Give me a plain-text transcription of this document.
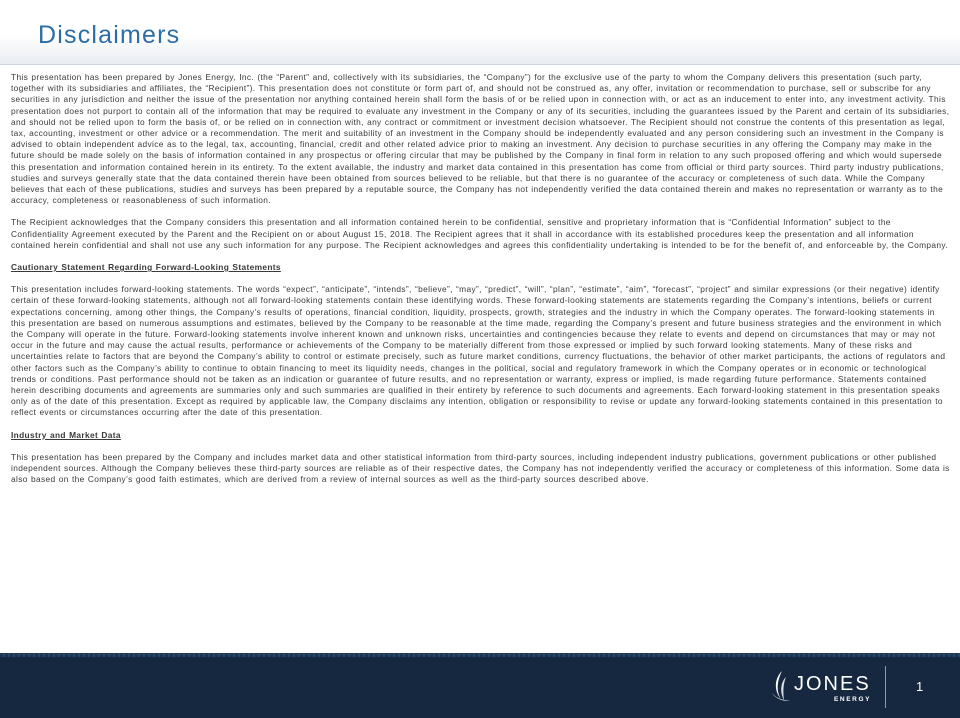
Disclaimers

This presentation has been prepared by Jones Energy, Inc. (the “Parent” and, collectively with its subsidiaries, the “Company”) for the exclusive use of the party to whom the Company delivers this presentation (such party, together with its subsidiaries and affiliates, the “Recipient”). This presentation does not constitute or form part of, and should not be construed as, any offer, invitation or recommendation to purchase, sell or subscribe for any securities in any jurisdiction and neither the issue of the presentation nor anything contained herein shall form the basis of or be relied upon in connection with, or act as an inducement to enter into, any investment activity. This presentation does not purport to contain all of the information that may be required to evaluate any investment in the Company or any of its securities, including the guarantees issued by the Parent and certain of its subsidiaries, and should not be relied upon to form the basis of, or be relied on in connection with, any contract or commitment or investment decision whatsoever. The Recipient should not construe the contents of this presentation as legal, tax, accounting, investment or other advice or a recommendation. The merit and suitability of an investment in the Company should be independently evaluated and any person considering such an investment in the Company is advised to obtain independent advice as to the legal, tax, accounting, financial, credit and other related advice prior to making an investment. Any decision to purchase securities in any offering the Company may make in the future should be made solely on the basis of information contained in any prospectus or offering circular that may be published by the Company in final form in relation to any such proposed offering and which would supersede this presentation and information contained herein in its entirety. To the extent available, the industry and market data contained in this presentation has come from official or third party sources. Third party industry publications, studies and surveys generally state that the data contained therein have been obtained from sources believed to be reliable, but that there is no guarantee of the accuracy or completeness of such data. While the Company believes that each of these publications, studies and surveys has been prepared by a reputable source, the Company has not independently verified the data contained therein and makes no representation or warranty as to the accuracy, completeness or reasonableness of such information.

The Recipient acknowledges that the Company considers this presentation and all information contained herein to be confidential, sensitive and proprietary information that is “Confidential Information” subject to the Confidentiality Agreement executed by the Parent and the Recipient on or about August 15, 2018. The Recipient agrees that it shall in accordance with its established procedures keep the presentation and all information contained herein confidential and shall not use any such information for any purpose. The Recipient acknowledges and agrees this confidentiality undertaking is intended to be for the benefit of, and enforceable by, the Company.

Cautionary Statement Regarding Forward-Looking Statements

This presentation includes forward-looking statements. The words “expect”, “anticipate”, “intends”, “believe”, “may”, “predict”, “will”, “plan”, “estimate”, “aim”, “forecast”, “project” and similar expressions (or their negative) identify certain of these forward-looking statements, although not all forward-looking statements contain these identifying words. These forward-looking statements are statements regarding the Company’s intentions, beliefs or current expectations concerning, among other things, the Company’s results of operations, financial condition, liquidity, prospects, growth, strategies and the industry in which the Company operates. The forward-looking statements in this presentation are based on numerous assumptions and estimates, believed by the Company to be reasonable at the time made, regarding the Company’s present and future business strategies and the environment in which the Company will operate in the future. Forward-looking statements involve inherent known and unknown risks, uncertainties and contingencies because they relate to events and depend on circumstances that may or may not occur in the future and may cause the actual results, performance or achievements of the Company to be materially different from those expressed or implied by such forward looking statements. Many of these risks and uncertainties relate to factors that are beyond the Company’s ability to control or estimate precisely, such as future market conditions, currency fluctuations, the behavior of other market participants, the actions of regulators and other factors such as the Company’s ability to continue to obtain financing to meet its liquidity needs, changes in the political, social and regulatory framework in which the Company operates or in economic or technological trends or conditions. Past performance should not be taken as an indication or guarantee of future results, and no representation or warranty, express or implied, is made regarding future performance. Statements contained herein describing documents and agreements are summaries only and such summaries are qualified in their entirety by reference to such documents and agreements. Each forward-looking statement in this presentation speaks only as of the date of this presentation. Except as required by applicable law, the Company disclaims any intention, obligation or responsibility to revise or update any forward-looking statements contained in this presentation to reflect events or circumstances occurring after the date of this presentation.

Industry and Market Data

This presentation has been prepared by the Company and includes market data and other statistical information from third-party sources, including independent industry publications, government publications or other published independent sources. Although the Company believes these third-party sources are reliable as of their respective dates, the Company has not independently verified the accuracy or completeness of this information. Some data is also based on the Company’s good faith estimates, which are derived from a review of internal sources as well as the third-party sources described above.

JONES
ENERGY
1
